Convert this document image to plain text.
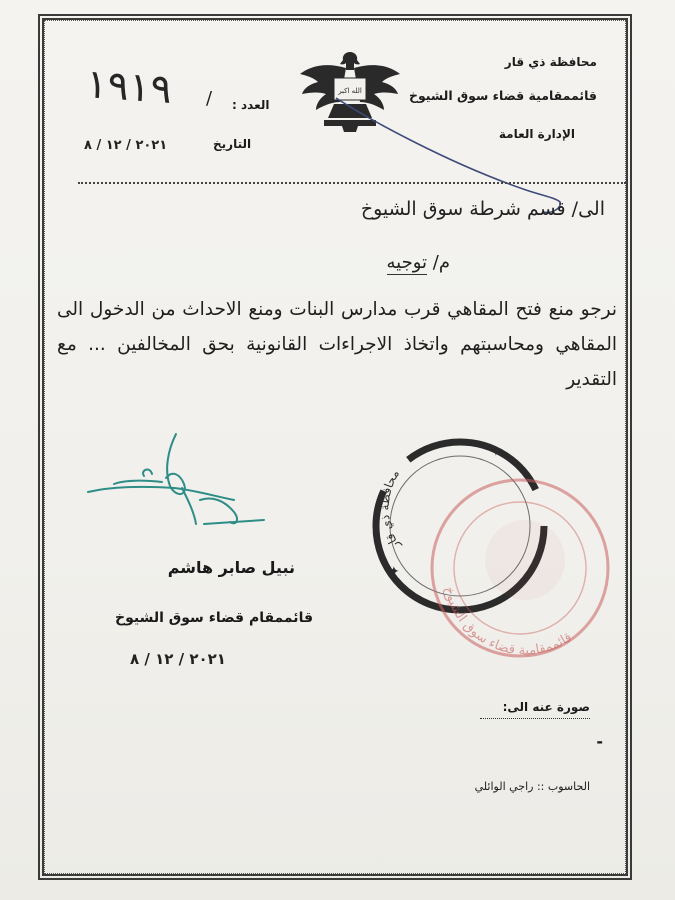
محافظة ذي قار
قائممقامية قضاء سوق الشيوخ
الإدارة العامة
الله اكبر
العدد :
١٩١٩ /
التاريخ
٢٠٢١ / ١٢ / ٨
الى/ قسم شرطة سوق الشيوخ
م/ توجيه
نرجو منع فتح المقاهي قرب مدارس البنات ومنع الاحداث من الدخول الى المقاهي ومحاسبتهم واتخاذ الاجراءات القانونية بحق المخالفين ... مع التقدير
نبيل صابر هاشم
قائممقام قضاء سوق الشيوخ
٢٠٢١ / ١٢ / ٨
✦
✦
محافظة ذي قار
قائممقامية قضاء سوق الشيوخ
صورة عنه الى:
-
الحاسوب :: راجي الوائلي
